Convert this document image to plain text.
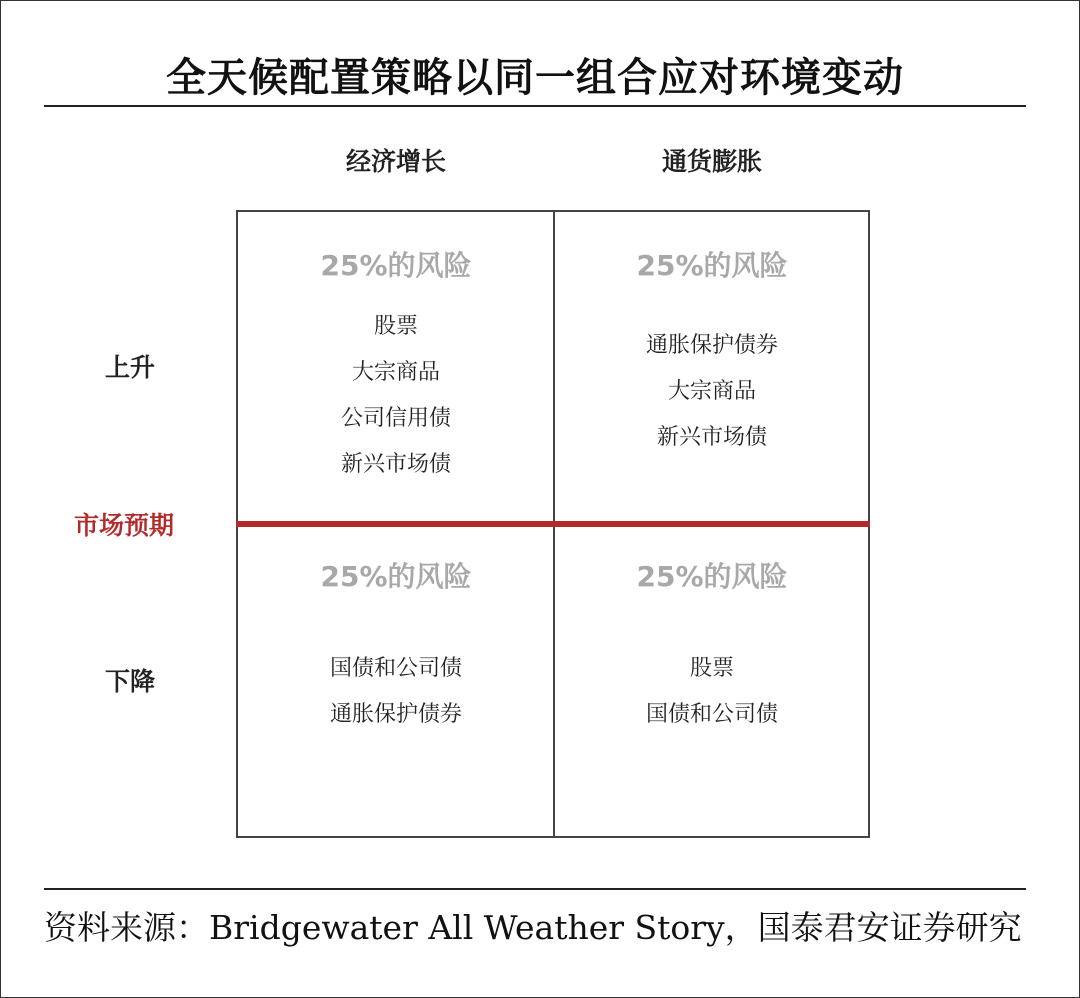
全天候配置策略以同一组合应对环境变动
经济增长	通货膨胀
上升
下降
市场预期
25%的风险
股票
大宗商品
公司信用债
新兴市场债
25%的风险
通胀保护债券
大宗商品
新兴市场债
25%的风险
国债和公司债
通胀保护债券
25%的风险
股票
国债和公司债
资料来源：Bridgewater All Weather Story，国泰君安证券研究
